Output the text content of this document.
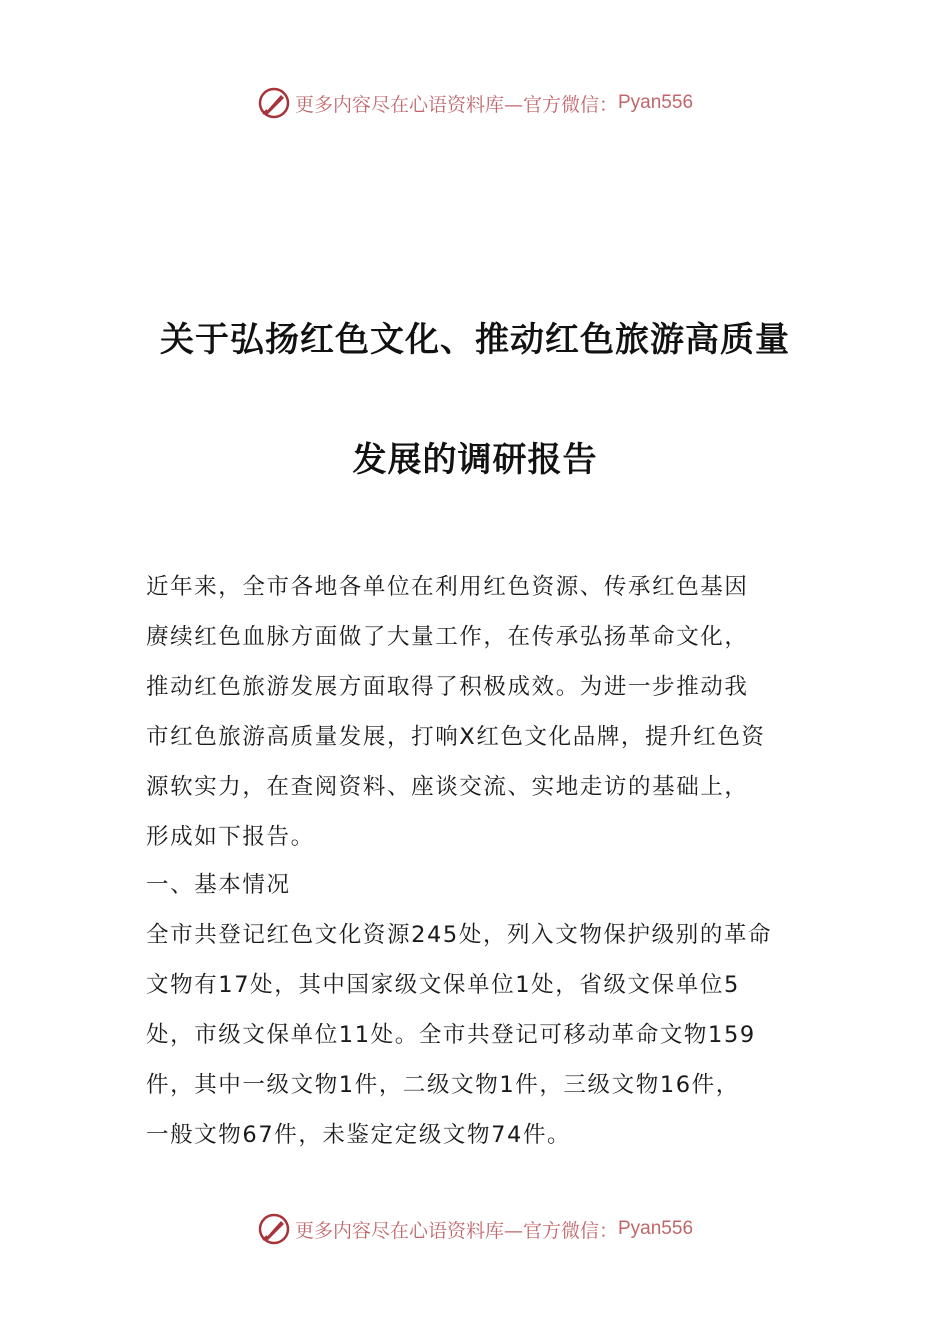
更多内容尽在心语资料库—官方微信： Pyan556
关于弘扬红色文化、推动红色旅游高质量
发展的调研报告

近年来，全市各地各单位在利用红色资源、传承红色基因

赓续红色血脉方面做了大量工作，在传承弘扬革命文化，

推动红色旅游发展方面取得了积极成效。为进一步推动我

市红色旅游高质量发展，打响X红色文化品牌，提升红色资

源软实力，在查阅资料、座谈交流、实地走访的基础上，

形成如下报告。

一、基本情况

全市共登记红色文化资源245处，列入文物保护级别的革命

文物有17处，其中国家级文保单位1处，省级文保单位5

处，市级文保单位11处。全市共登记可移动革命文物159

件，其中一级文物1件，二级文物1件，三级文物16件，

一般文物67件，未鉴定定级文物74件。

更多内容尽在心语资料库—官方微信： Pyan556
